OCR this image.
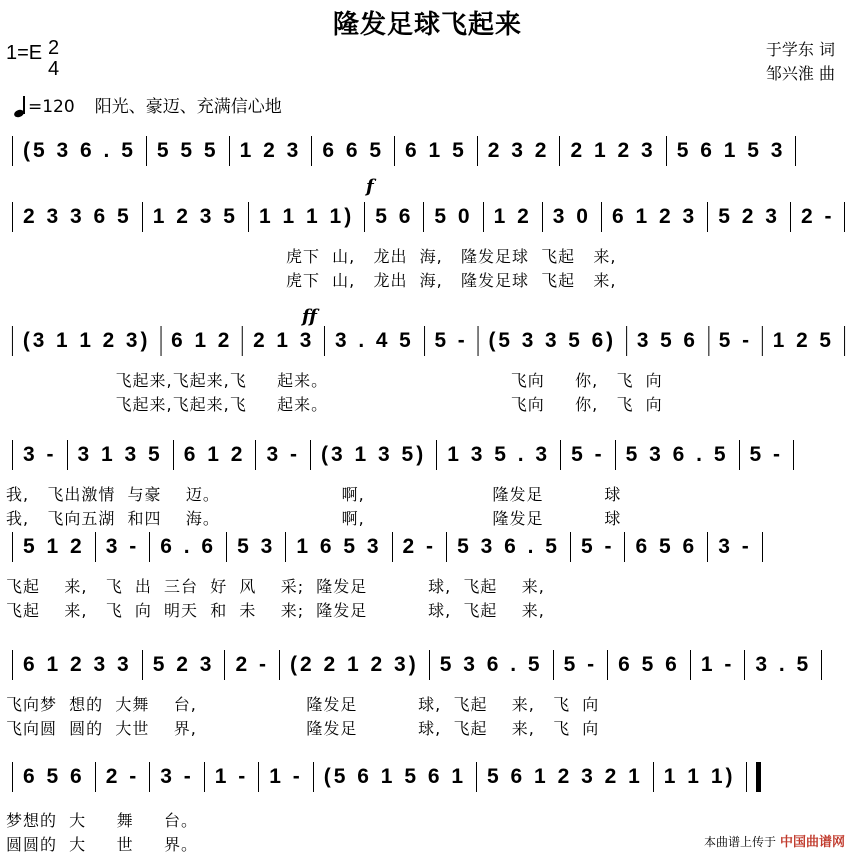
隆发足球飞起来
于学东 词
邹兴淮 曲
1=E 2
4
=120 阳光、豪迈、充满信心地
f
ff
(5 3 6 . 5 5 5 5 1 2 3 6 6 5 6 1 5 2 3 2 2 1 2 3 5 6 1 5 3
2 3 3 6 5 1 2 3 5 1 1 1 1) 5 6 5 0 1 2 3 0 6 1 2 3 5 2 3 2 -
虎下  山,   龙出  海,   隆发足球  飞起   来,
虎下  山,   龙出  海,   隆发足球  飞起   来,
(3 1 1 2 3) 6 1 2 2 1 3 3 . 4 5 5 - (5 3 3 5 6) 3 5 6 5 - 1 2 5
飞起来,飞起来,飞     起来。                              飞向     你,   飞  向
飞起来,飞起来,飞     起来。                              飞向     你,   飞  向
3 - 3 1 3 5 6 1 2 3 - (3 1 3 5) 1 3 5 . 3 5 - 5 3 6 . 5 5 -
我,   飞出激情  与豪    迈。                    啊,                     隆发足          球
我,   飞向五湖  和四    海。                    啊,                     隆发足          球
5 1 2 3 - 6 . 6 5 3 1 6 5 3 2 - 5 3 6 . 5 5 - 6 5 6 3 -
飞起    来,   飞  出  三台  好  风    采;  隆发足          球,  飞起    来,
飞起    来,   飞  向  明天  和  未    来;  隆发足          球,  飞起    来,
6 1 2 3 3 5 2 3 2 - (2 2 1 2 3) 5 3 6 . 5 5 - 6 5 6 1 - 3 . 5
飞向梦  想的  大舞    台,                  隆发足          球,  飞起    来,   飞  向
飞向圆  圆的  大世    界,                  隆发足          球,  飞起    来,   飞  向
6 5 6 2 - 3 - 1 - 1 - (5 6 1 5 6 1 5 6 1 2 3 2 1 1 1 1)
梦想的  大     舞     台。
圆圆的  大     世     界。	本曲谱上传于 中国曲谱网
